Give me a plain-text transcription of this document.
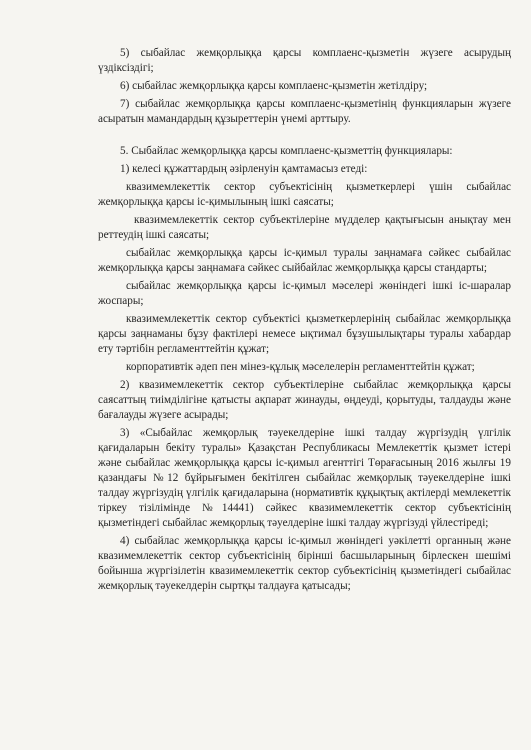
5) сыбайлас жемқорлыққа қарсы комплаенс-қызметін жүзеге асырудың үздіксіздігі;

6) сыбайлас жемқорлыққа қарсы комплаенс-қызметін жетілдіру;

7) сыбайлас жемқорлыққа қарсы комплаенс-қызметінің функцияларын жүзеге асыратын мамандардың құзыреттерін үнемі арттыру.

5. Сыбайлас жемқорлыққа қарсы комплаенс-қызметтің функциялары:

1) келесі құжаттардың әзірленуін қамтамасыз етеді:

квазимемлекеттік сектор субъектісінің қызметкерлері үшін сыбайлас жемқорлыққа қарсы іс-қимылының ішкі саясаты;

квазимемлекеттік сектор субъектілеріне мүдделер қақтығысын анықтау мен реттеудің ішкі саясаты;

сыбайлас жемқорлыққа қарсы іс-қимыл туралы заңнамаға сәйкес сыбайлас жемқорлыққа қарсы заңнамаға сәйкес сыйбайлас жемқорлыққа қарсы стандарты;

сыбайлас жемқорлыққа қарсы іс-қимыл мәселері жөніндегі ішкі іс-шаралар жоспары;

квазимемлекеттік сектор субъектісі қызметкерлерінің сыбайлас жемқорлыққа қарсы заңнаманы бұзу фактілері немесе ықтимал бұзушылықтары туралы хабардар ету тәртібін регламенттейтін құжат;

корпоративтік әдеп пен мінез-құлық мәселелерін регламенттейтін құжат;

2) квазимемлекеттік сектор субъектілеріне сыбайлас жемқорлыққа қарсы саясаттың тиімділігіне қатысты ақпарат жинауды, өңдеуді, қорытуды, талдауды және бағалауды жүзеге асырады;

3) «Сыбайлас жемқорлық тәуекелдеріне ішкі талдау жүргізудің үлгілік қағидаларын бекіту туралы» Қазақстан Республикасы Мемлекеттік қызмет істері және сыбайлас жемқорлыққа қарсы іс-қимыл агенттігі Төрағасының 2016 жылғы 19 қазандағы №12 бұйрығымен бекітілген сыбайлас жемқорлық тәуекелдеріне ішкі талдау жүргізудің үлгілік қағидаларына (нормативтік құқықтық актілерді мемлекеттік тіркеу тізілімінде №14441) сәйкес квазимемлекеттік сектор субъектісінің қызметіндегі сыбайлас жемқорлық тәуелдеріне ішкі талдау жүргізуді үйлестіреді;

4) сыбайлас жемқорлыққа қарсы іс-қимыл жөніндегі уәкілетті органның және квазимемлекеттік сектор субъектісінің бірінші басшыларының бірлескен шешімі бойынша жүргізілетін квазимемлекеттік сектор субъектісінің қызметіндегі сыбайлас жемқорлық тәуекелдерін сыртқы талдауға қатысады;
